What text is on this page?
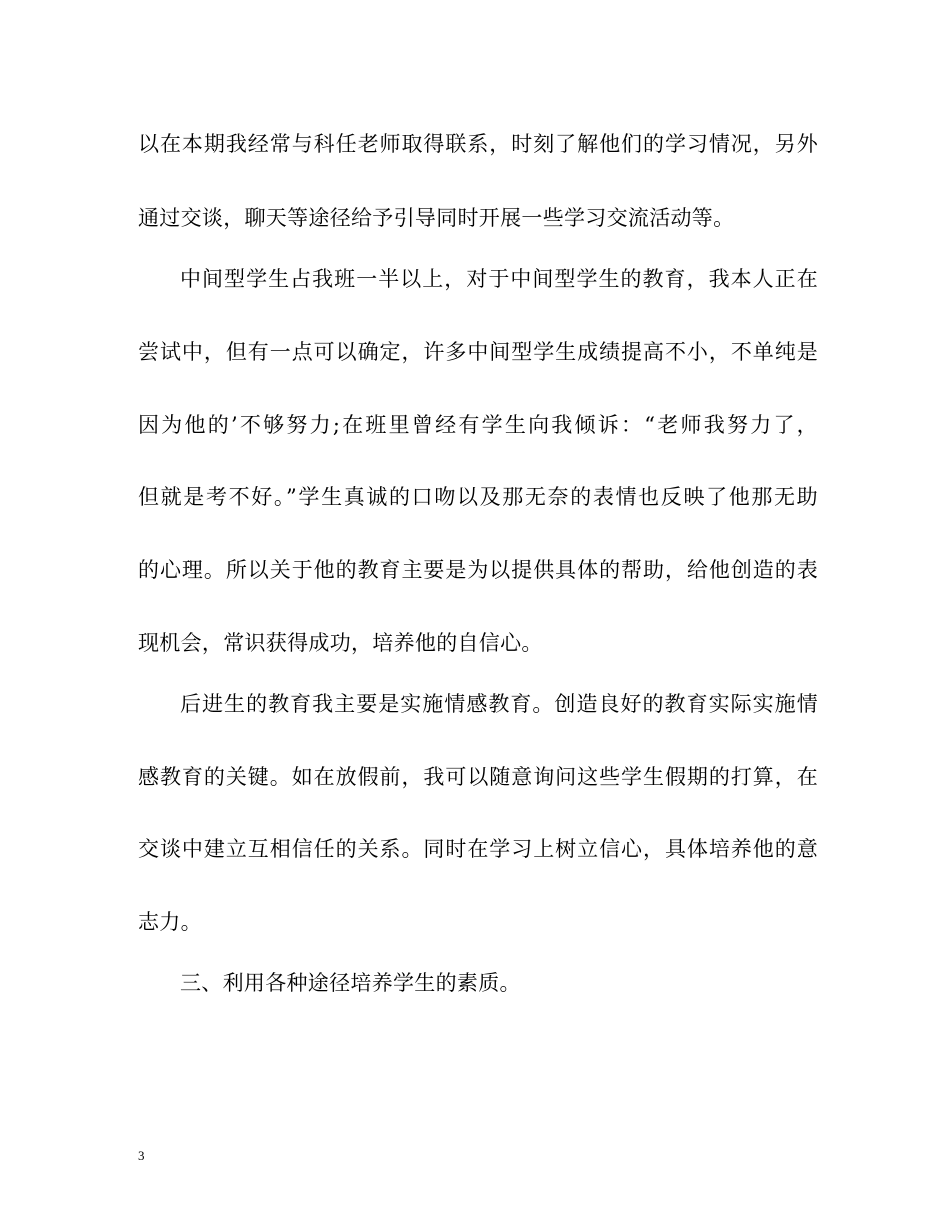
以在本期我经常与科任老师取得联系，时刻了解他们的学习情况，另外
通过交谈，聊天等途径给予引导同时开展一些学习交流活动等。
中间型学生占我班一半以上，对于中间型学生的教育，我本人正在
尝试中，但有一点可以确定，许多中间型学生成绩提高不小，不单纯是
因为他的’不够努力;在班里曾经有学生向我倾诉：“老师我努力了，
但就是考不好。”学生真诚的口吻以及那无奈的表情也反映了他那无助
的心理。所以关于他的教育主要是为以提供具体的帮助，给他创造的表
现机会，常识获得成功，培养他的自信心。
后进生的教育我主要是实施情感教育。创造良好的教育实际实施情
感教育的关键。如在放假前，我可以随意询问这些学生假期的打算，在
交谈中建立互相信任的关系。同时在学习上树立信心，具体培养他的意
志力。
三、利用各种途径培养学生的素质。
3
